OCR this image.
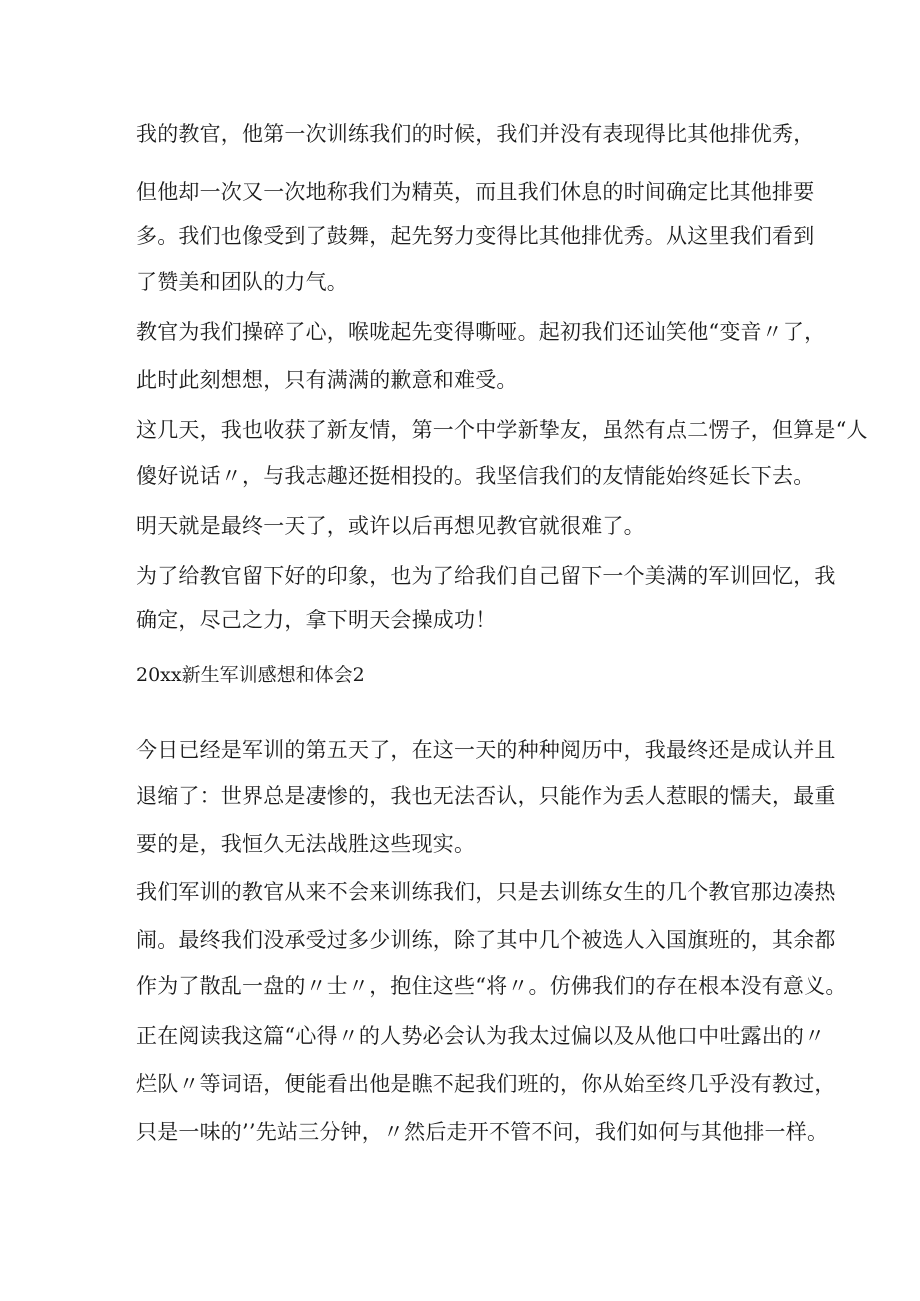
我的教官，他第一次训练我们的时候，我们并没有表现得比其他排优秀，
但他却一次又一次地称我们为精英，而且我们休息的时间确定比其他排要
多。我们也像受到了鼓舞，起先努力变得比其他排优秀。从这里我们看到
了赞美和团队的力气。
教官为我们操碎了心，喉咙起先变得嘶哑。起初我们还讪笑他“变音〃了，
此时此刻想想，只有满满的歉意和难受。
这几天，我也收获了新友情，第一个中学新挚友，虽然有点二愣子，但算是“人
傻好说话〃，与我志趣还挺相投的。我坚信我们的友情能始终延长下去。
明天就是最终一天了，或许以后再想见教官就很难了。
为了给教官留下好的印象，也为了给我们自己留下一个美满的军训回忆，我
确定，尽己之力，拿下明天会操成功！
20xx新生军训感想和体会2
今日已经是军训的第五天了，在这一天的种种阅历中，我最终还是成认并且
退缩了：世界总是凄惨的，我也无法否认，只能作为丢人惹眼的懦夫，最重
要的是，我恒久无法战胜这些现实。
我们军训的教官从来不会来训练我们，只是去训练女生的几个教官那边凑热
闹。最终我们没承受过多少训练，除了其中几个被选人入国旗班的，其余都
作为了散乱一盘的〃士〃，抱住这些“将〃。仿佛我们的存在根本没有意义。
正在阅读我这篇“心得〃的人势必会认为我太过偏以及从他口中吐露出的〃
烂队〃等词语，便能看出他是瞧不起我们班的，你从始至终几乎没有教过，
只是一味的’’先站三分钟，〃然后走开不管不问，我们如何与其他排一样。
